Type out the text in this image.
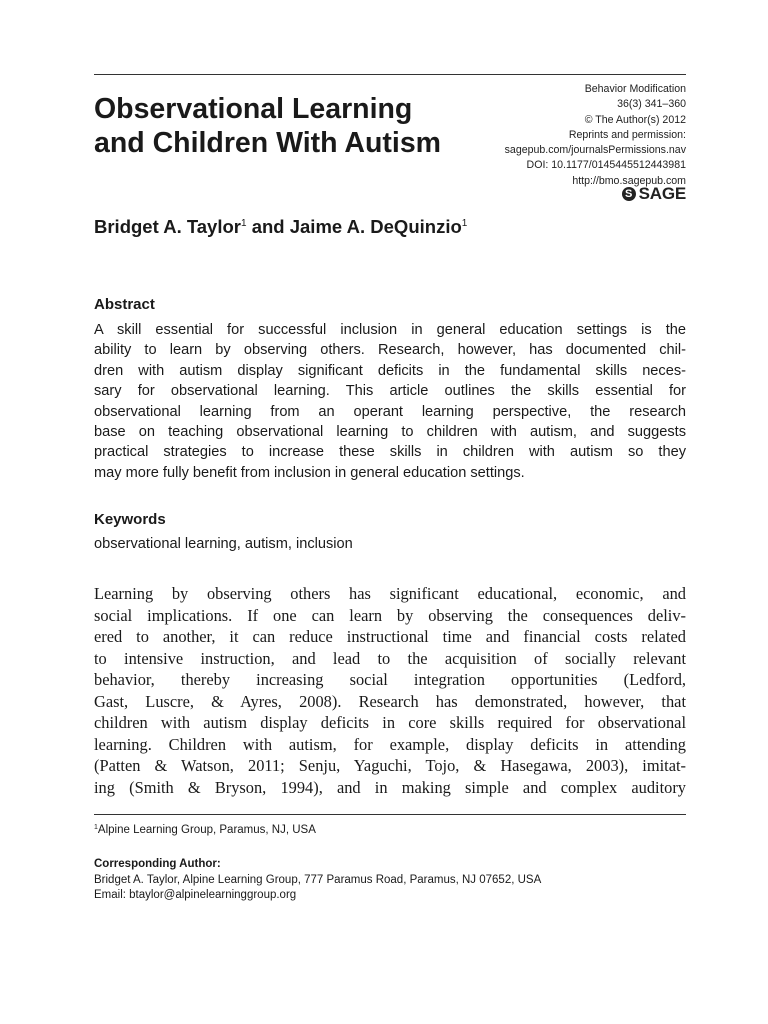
Behavior Modification
36(3) 341–360
© The Author(s) 2012
Reprints and permission:
sagepub.com/journalsPermissions.nav
DOI: 10.1177/0145445512443981
http://bmo.sagepub.com
S SAGE
Observational Learning
and Children With Autism
Bridget A. Taylor$^1$ and Jaime A. DeQuinzio$^1$
Abstract

A skill essential for successful inclusion in general education settings is the
ability to learn by observing others. Research, however, has documented chil-
dren with autism display significant deficits in the fundamental skills neces-
sary for observational learning. This article outlines the skills essential for
observational learning from an operant learning perspective, the research
base on teaching observational learning to children with autism, and suggests
practical strategies to increase these skills in children with autism so they
may more fully benefit from inclusion in general education settings.

Keywords
observational learning, autism, inclusion

Learning by observing others has significant educational, economic, and
social implications. If one can learn by observing the consequences deliv-
ered to another, it can reduce instructional time and financial costs related
to intensive instruction, and lead to the acquisition of socially relevant
behavior, thereby increasing social integration opportunities (Ledford,
Gast, Luscre, & Ayres, 2008). Research has demonstrated, however, that
children with autism display deficits in core skills required for observational
learning. Children with autism, for example, display deficits in attending
(Patten & Watson, 2011; Senju, Yaguchi, Tojo, & Hasegawa, 2003), imitat-
ing (Smith & Bryson, 1994), and in making simple and complex auditory

$^1$Alpine Learning Group, Paramus, NJ, USA
Corresponding Author:
Bridget A. Taylor, Alpine Learning Group, 777 Paramus Road, Paramus, NJ 07652, USA
Email: btaylor@alpinelearninggroup.org
